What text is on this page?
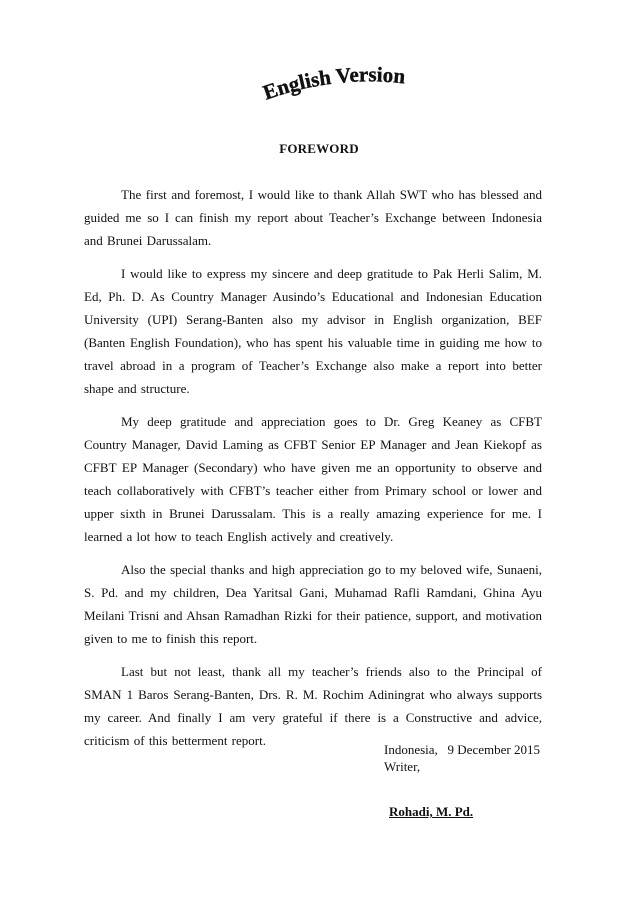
English Version
FOREWORD

The first and foremost, I would like to thank Allah SWT who has blessed and guided me so I can finish my report about Teacher’s Exchange between Indonesia and Brunei Darussalam.

I would like to express my sincere and deep gratitude to Pak Herli Salim, M. Ed, Ph. D. As Country Manager Ausindo’s Educational and Indonesian Education University (UPI) Serang-Banten also my advisor in English organization, BEF (Banten English Foundation), who has spent his valuable time in guiding me how to travel abroad in a program of Teacher’s Exchange also make a report into better shape and structure.

My deep gratitude and appreciation goes to Dr. Greg Keaney as CFBT Country Manager, David Laming as CFBT Senior EP Manager and Jean Kiekopf as CFBT EP Manager (Secondary) who have given me an opportunity to observe and teach collaboratively with CFBT’s teacher either from Primary school or lower and upper sixth in Brunei Darussalam. This is a really amazing experience for me. I learned a lot how to teach English actively and creatively.

Also the special thanks and high appreciation go to my beloved wife, Sunaeni, S. Pd. and my children, Dea Yaritsal Gani, Muhamad Rafli Ramdani, Ghina Ayu Meilani Trisni and Ahsan Ramadhan Rizki for their patience, support, and motivation given to me to finish this report.

Last but not least, thank all my teacher’s friends also to the Principal of SMAN 1 Baros Serang-Banten, Drs. R. M. Rochim Adiningrat who always supports my career. And finally I am very grateful if there is a Constructive and advice, criticism of this betterment report.

Indonesia,   9 December 2015
Writer,
Rohadi, M. Pd.
